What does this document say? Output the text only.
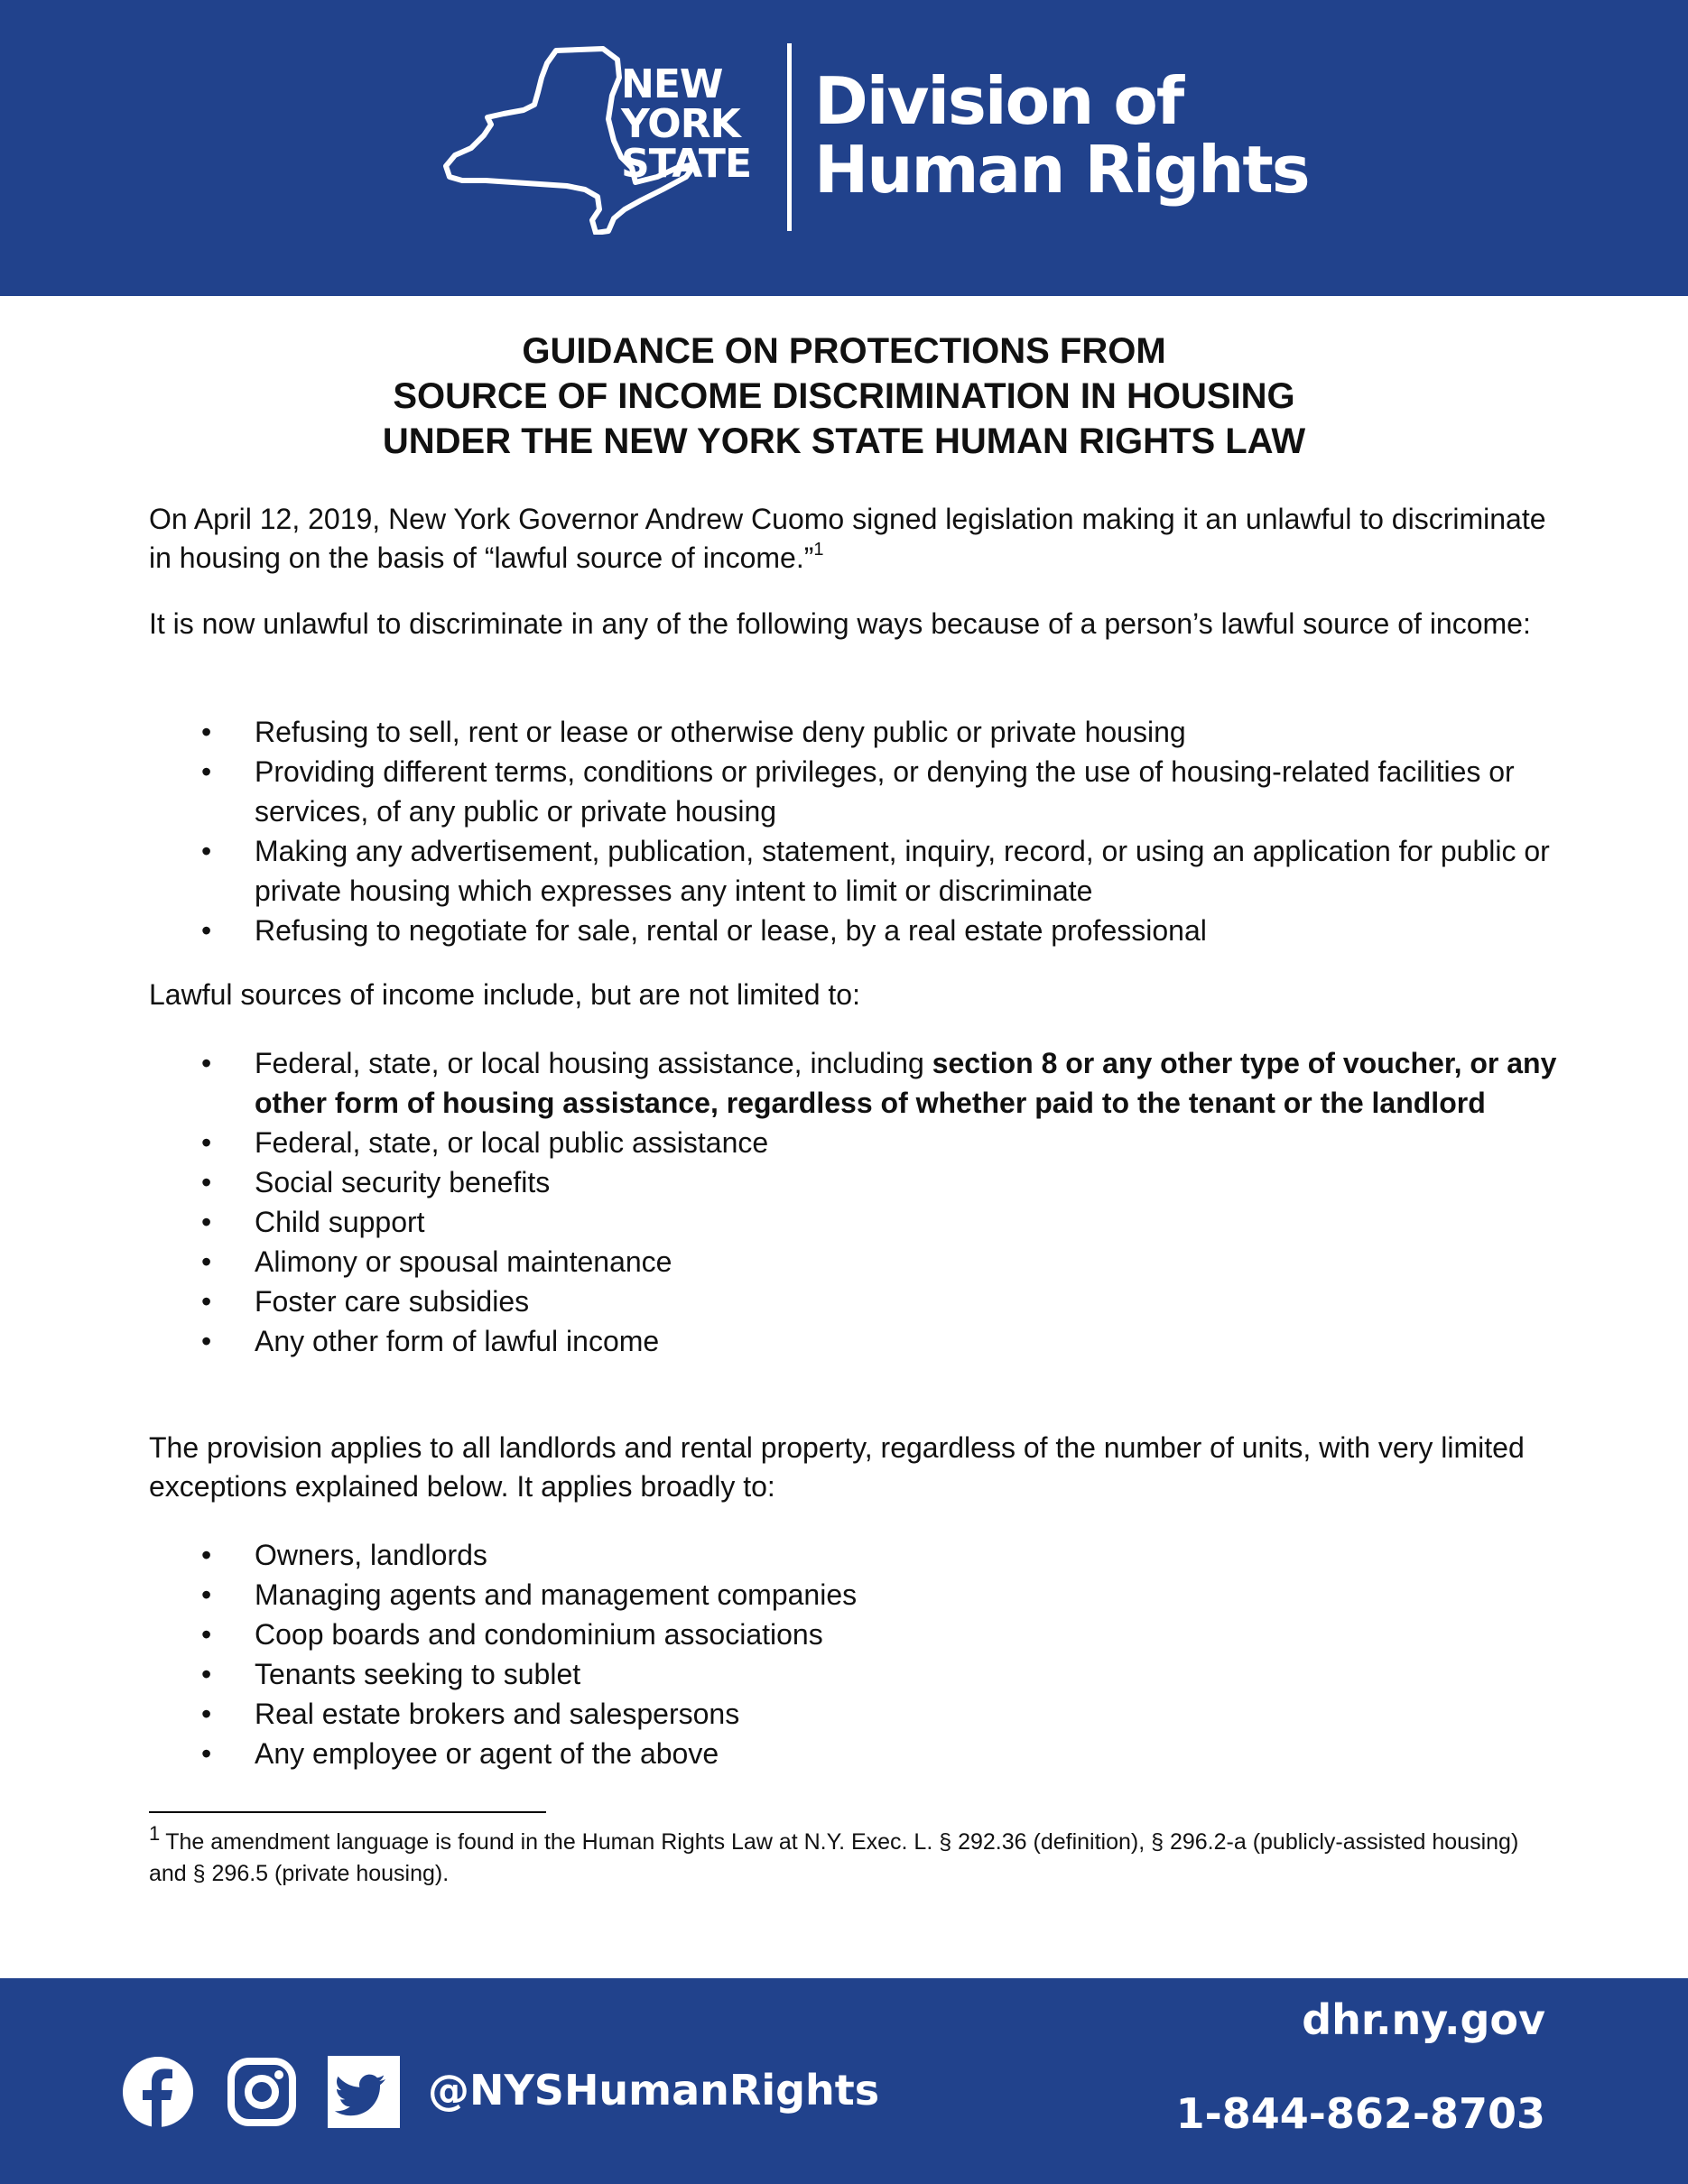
NEW
YORK
STATE
Division of
Human Rights
GUIDANCE ON PROTECTIONS FROM
SOURCE OF INCOME DISCRIMINATION IN HOUSING
UNDER THE NEW YORK STATE HUMAN RIGHTS LAW
On April 12, 2019, New York Governor Andrew Cuomo signed legislation making it an unlawful to discriminate in housing on the basis of “lawful source of income.”$^1$
It is now unlawful to discriminate in any of the following ways because of a person’s lawful source of income:
• Refusing to sell, rent or lease or otherwise deny public or private housing
• Providing different terms, conditions or privileges, or denying the use of housing-related facilities or services, of any public or private housing
• Making any advertisement, publication, statement, inquiry, record, or using an application for public or private housing which expresses any intent to limit or discriminate
• Refusing to negotiate for sale, rental or lease, by a real estate professional
Lawful sources of income include, but are not limited to:
• Federal, state, or local housing assistance, including section 8 or any other type of voucher, or any other form of housing assistance, regardless of whether paid to the tenant or the landlord
• Federal, state, or local public assistance
• Social security benefits
• Child support
• Alimony or spousal maintenance
• Foster care subsidies
• Any other form of lawful income
The provision applies to all landlords and rental property, regardless of the number of units, with very limited exceptions explained below. It applies broadly to:
• Owners, landlords
• Managing agents and management companies
• Coop boards and condominium associations
• Tenants seeking to sublet
• Real estate brokers and salespersons
• Any employee or agent of the above
1 The amendment language is found in the Human Rights Law at N.Y. Exec. L. § 292.36 (definition), § 296.2-a (publicly-assisted housing) and § 296.5 (private housing).
@NYSHumanRights
dhr.ny.gov
1-844-862-8703
